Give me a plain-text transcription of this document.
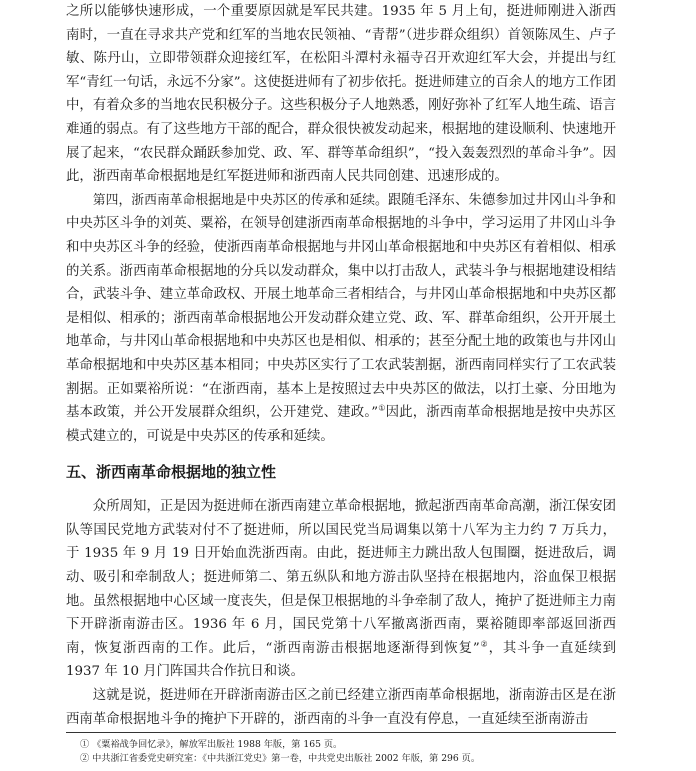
之所以能够快速形成，一个重要原因就是军民共建。1935 年 5 月上旬，挺进师刚进入浙西南时，一直在寻求共产党和红军的当地农民领袖、“青帮”（进步群众组织）首领陈凤生、卢子敏、陈丹山，立即带领群众迎接红军，在松阳斗潭村永福寺召开欢迎红军大会，并提出与红军“青红一句话，永远不分家”。这使挺进师有了初步依托。挺进师建立的百余人的地方工作团中，有着众多的当地农民积极分子。这些积极分子人地熟悉，刚好弥补了红军人地生疏、语言难通的弱点。有了这些地方干部的配合，群众很快被发动起来，根据地的建设顺利、快速地开展了起来，“农民群众踊跃参加党、政、军、群等革命组织”，“投入轰轰烈烈的革命斗争”。因此，浙西南革命根据地是红军挺进师和浙西南人民共同创建、迅速形成的。

第四，浙西南革命根据地是中央苏区的传承和延续。跟随毛泽东、朱德参加过井冈山斗争和中央苏区斗争的刘英、粟裕，在领导创建浙西南革命根据地的斗争中，学习运用了井冈山斗争和中央苏区斗争的经验，使浙西南革命根据地与井冈山革命根据地和中央苏区有着相似、相承的关系。浙西南革命根据地的分兵以发动群众，集中以打击敌人，武装斗争与根据地建设相结合，武装斗争、建立革命政权、开展土地革命三者相结合，与井冈山革命根据地和中央苏区都是相似、相承的；浙西南革命根据地公开发动群众建立党、政、军、群革命组织，公开开展土地革命，与井冈山革命根据地和中央苏区也是相似、相承的；甚至分配土地的政策也与井冈山革命根据地和中央苏区基本相同；中央苏区实行了工农武装割据，浙西南同样实行了工农武装割据。正如粟裕所说：“在浙西南，基本上是按照过去中央苏区的做法，以打土豪、分田地为基本政策，并公开发展群众组织，公开建党、建政。”①因此，浙西南革命根据地是按中央苏区模式建立的，可说是中央苏区的传承和延续。

五、浙西南革命根据地的独立性

众所周知，正是因为挺进师在浙西南建立革命根据地，掀起浙西南革命高潮，浙江保安团队等国民党地方武装对付不了挺进师，所以国民党当局调集以第十八军为主力约 7 万兵力，于 1935 年 9 月 19 日开始血洗浙西南。由此，挺进师主力跳出敌人包围圈，挺进敌后，调动、吸引和牵制敌人；挺进师第二、第五纵队和地方游击队坚持在根据地内，浴血保卫根据地。虽然根据地中心区域一度丧失，但是保卫根据地的斗争牵制了敌人，掩护了挺进师主力南下开辟浙南游击区。1936 年 6 月，国民党第十八军撤离浙西南，粟裕随即率部返回浙西南，恢复浙西南的工作。此后，“浙西南游击根据地逐渐得到恢复”②，其斗争一直延续到 1937 年 10 月门阵国共合作抗日和谈。

这就是说，挺进师在开辟浙南游击区之前已经建立浙西南革命根据地，浙南游击区是在浙西南革命根据地斗争的掩护下开辟的，浙西南的斗争一直没有停息，一直延续至浙南游击

① 《粟裕战争回忆录》，解放军出版社 1988 年版，第 165 页。

② 中共浙江省委党史研究室：《中共浙江党史》第一卷，中共党史出版社 2002 年版，第 296 页。
